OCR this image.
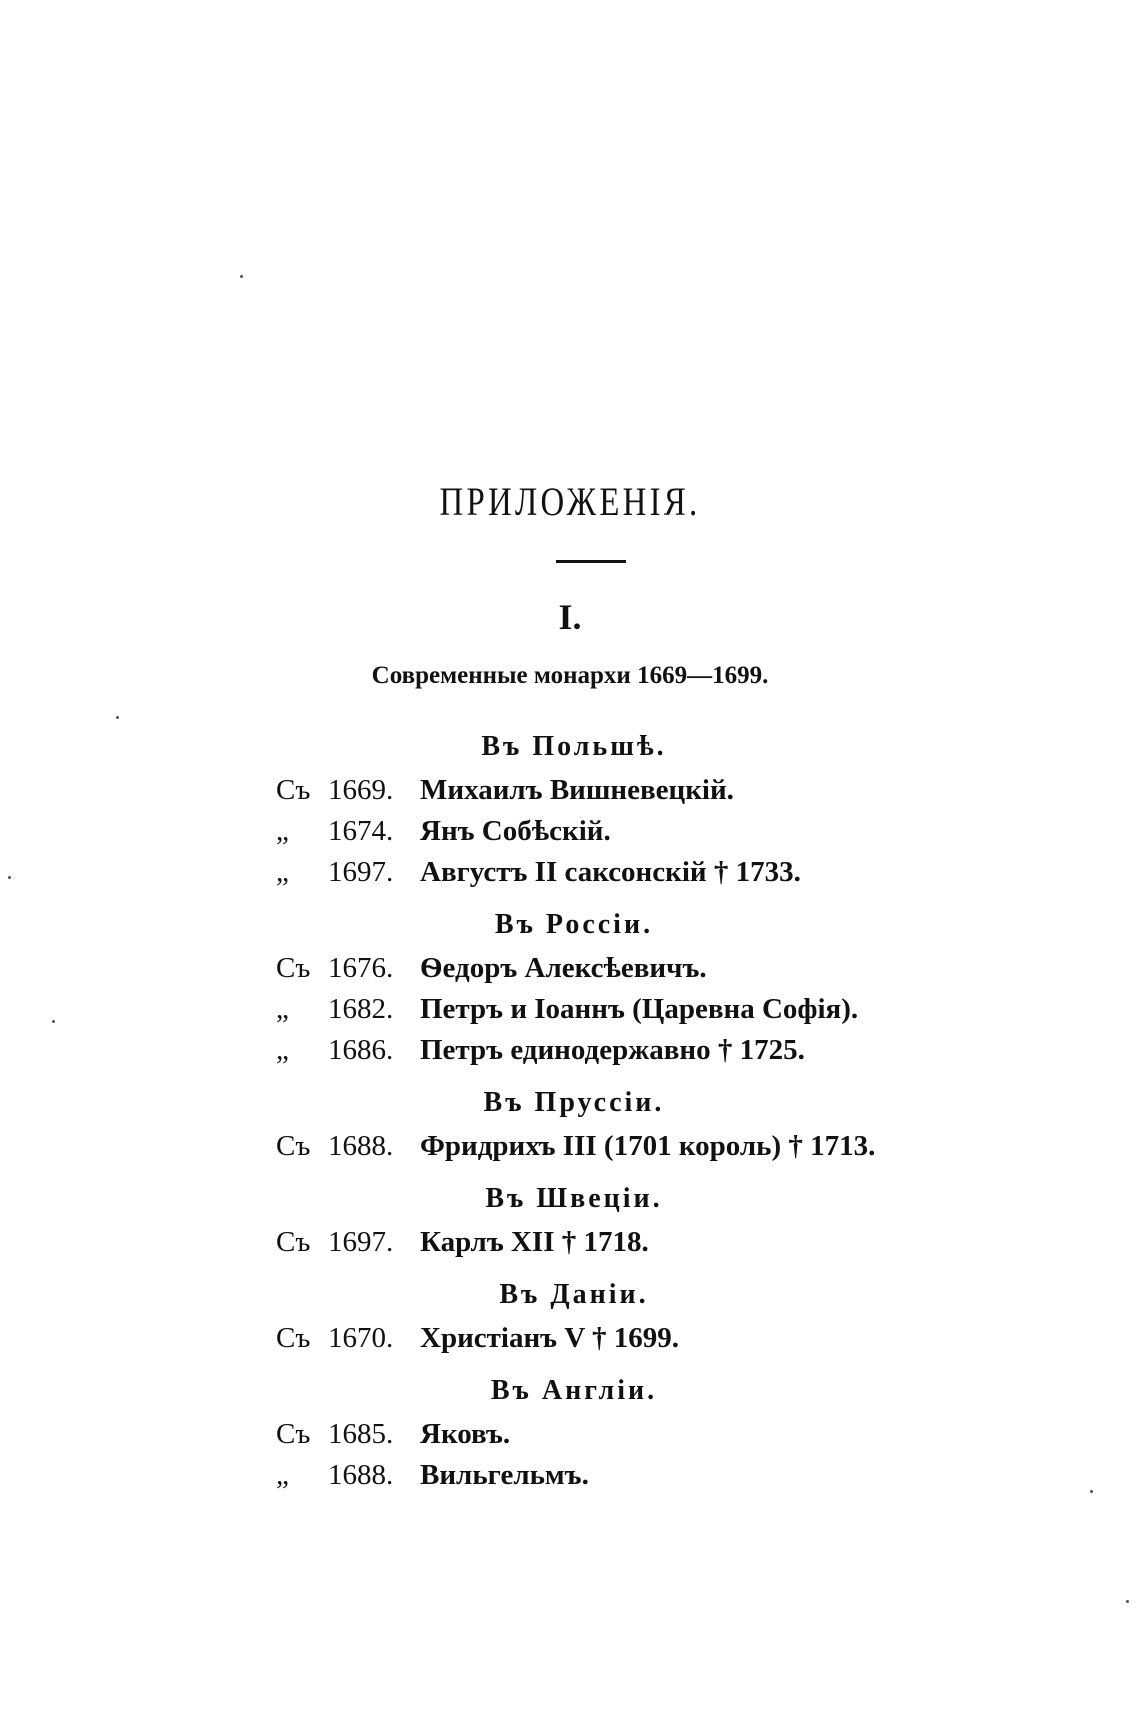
ПРИЛОЖЕНІЯ.
I.
Современные монархи 1669—1699.
Въ Польшѣ.
Съ 1669. Михаилъ Вишневецкій.
„	1674. Янъ Собѣскій.
„	1697. Августъ II саксонскій † 1733.
Въ Россіи.
Съ 1676. Ѳедоръ Алексѣевичъ.
„	1682. Петръ и Іоаннъ (Царевна Софія).
„	1686. Петръ единодержавно † 1725.
Въ Пруссіи.
Съ 1688. Фридрихъ III (1701 король) † 1713.
Въ Швеціи.
Съ 1697. Карлъ XII † 1718.
Въ Даніи.
Съ 1670. Христіанъ V † 1699.
Въ Англіи.
Съ 1685. Яковъ.
„	1688. Вильгельмъ.
